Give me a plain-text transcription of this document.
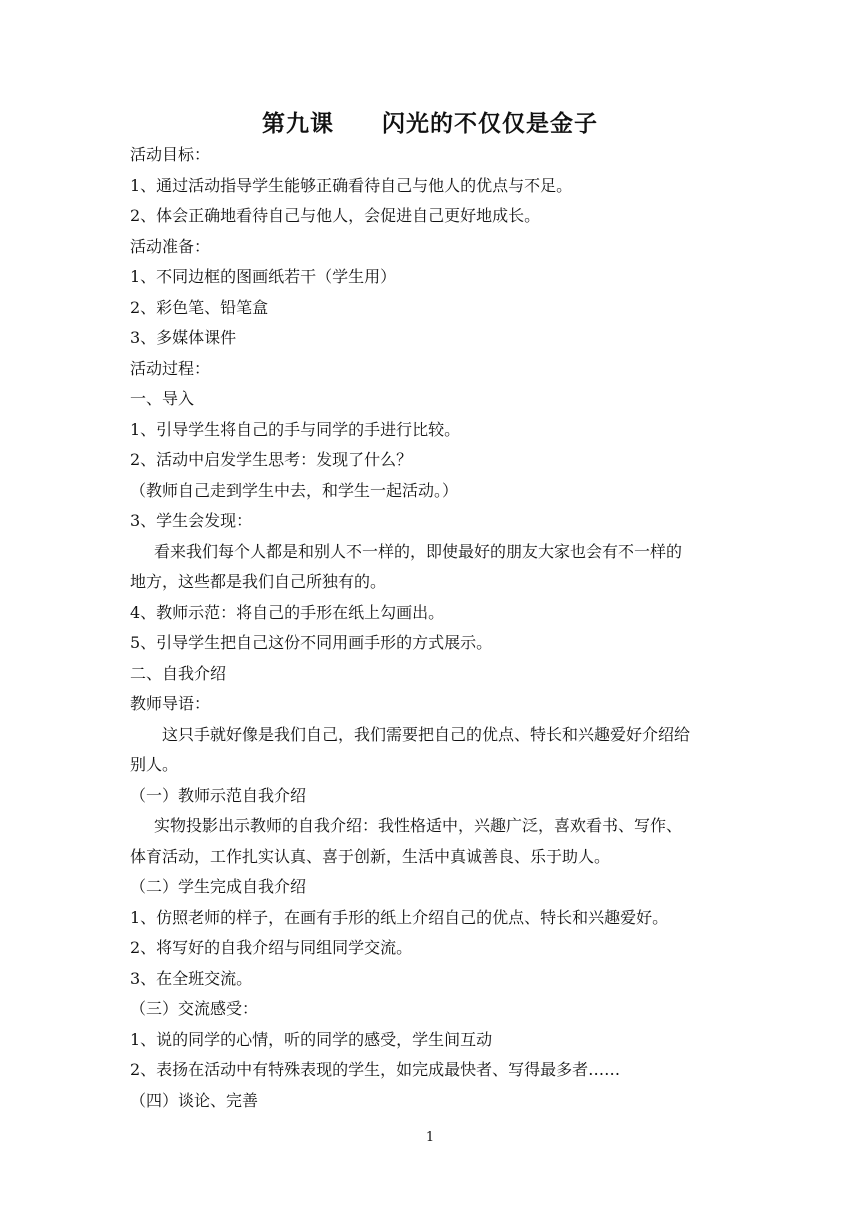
第九课　　闪光的不仅仅是金子
活动目标：
1、通过活动指导学生能够正确看待自己与他人的优点与不足。
2、体会正确地看待自己与他人，会促进自己更好地成长。
活动准备：
1、不同边框的图画纸若干（学生用）
2、彩色笔、铅笔盒
3、多媒体课件
活动过程：
一、导入
1、引导学生将自己的手与同学的手进行比较。
2、活动中启发学生思考：发现了什么？
（教师自己走到学生中去，和学生一起活动。）
3、学生会发现：
看来我们每个人都是和别人不一样的，即使最好的朋友大家也会有不一样的
地方，这些都是我们自己所独有的。
4、教师示范：将自己的手形在纸上勾画出。
5、引导学生把自己这份不同用画手形的方式展示。
二、自我介绍
教师导语：
这只手就好像是我们自己，我们需要把自己的优点、特长和兴趣爱好介绍给
别人。
（一）教师示范自我介绍
实物投影出示教师的自我介绍：我性格适中，兴趣广泛，喜欢看书、写作、
体育活动，工作扎实认真、喜于创新，生活中真诚善良、乐于助人。
（二）学生完成自我介绍
1、仿照老师的样子，在画有手形的纸上介绍自己的优点、特长和兴趣爱好。
2、将写好的自我介绍与同组同学交流。
3、在全班交流。
（三）交流感受：
1、说的同学的心情，听的同学的感受，学生间互动
2、表扬在活动中有特殊表现的学生，如完成最快者、写得最多者……
（四）谈论、完善
1
